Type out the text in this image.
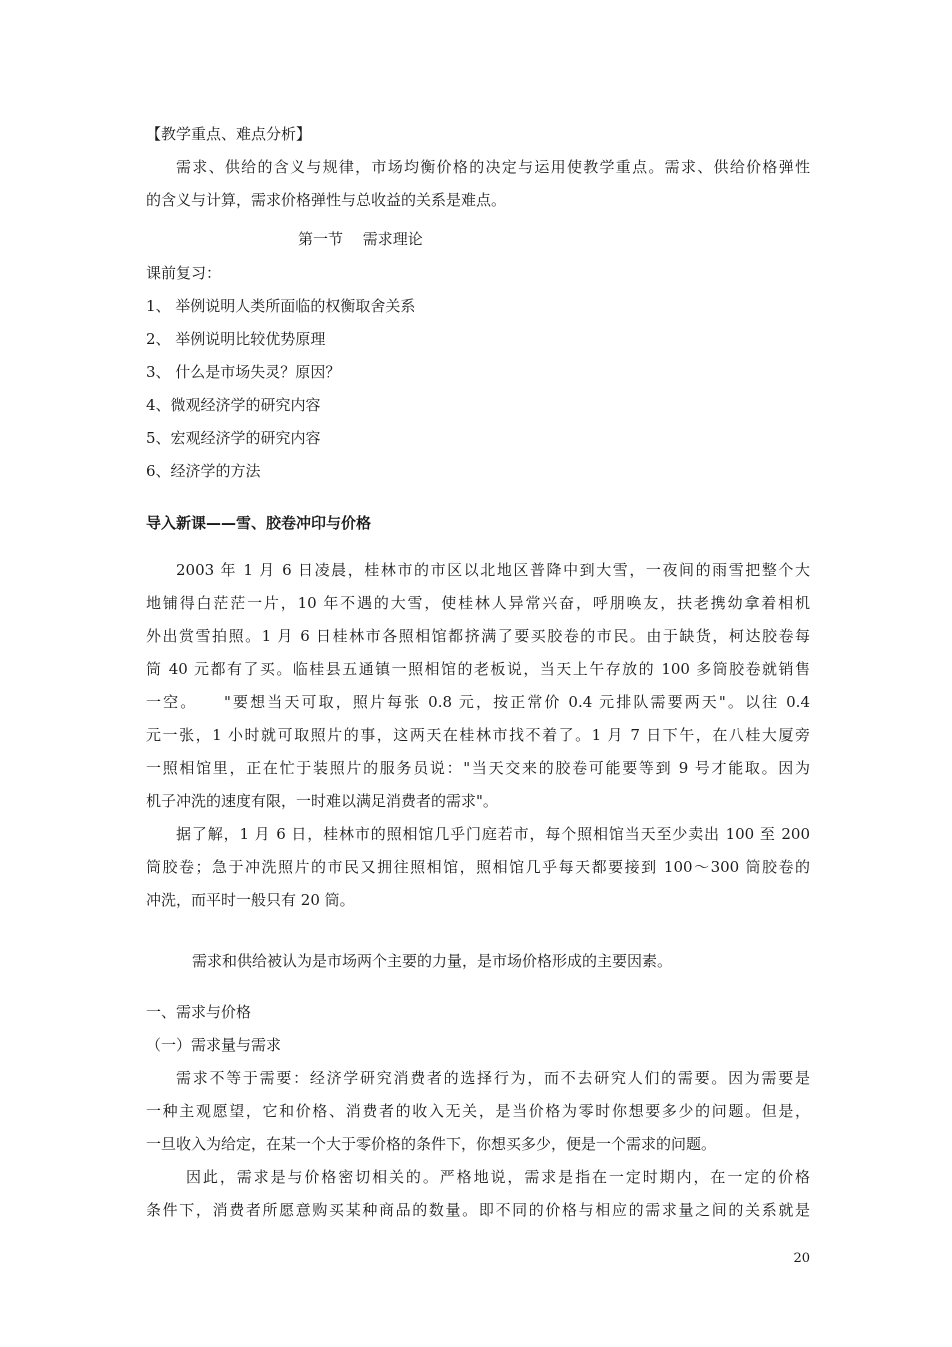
【教学重点、难点分析】
需求、供给的含义与规律，市场均衡价格的决定与运用使教学重点。需求、供给价格弹性
的含义与计算，需求价格弹性与总收益的关系是难点。
第一节　 需求理论
课前复习：
1、 举例说明人类所面临的权衡取舍关系
2、 举例说明比较优势原理
3、 什么是市场失灵？原因？
4、微观经济学的研究内容
5、宏观经济学的研究内容
6、经济学的方法
导入新课——雪、胶卷冲印与价格
2003 年 1 月 6 日凌晨，桂林市的市区以北地区普降中到大雪，一夜间的雨雪把整个大
地铺得白茫茫一片，10 年不遇的大雪，使桂林人异常兴奋，呼朋唤友，扶老携幼拿着相机
外出赏雪拍照。1 月 6 日桂林市各照相馆都挤满了要买胶卷的市民。由于缺货，柯达胶卷每
筒 40 元都有了买。临桂县五通镇一照相馆的老板说，当天上午存放的 100 多筒胶卷就销售
一空。　　"要想当天可取，照片每张 0.8 元，按正常价 0.4 元排队需要两天"。以往 0.4
元一张，1 小时就可取照片的事，这两天在桂林市找不着了。1 月 7 日下午，在八桂大厦旁
一照相馆里，正在忙于装照片的服务员说："当天交来的胶卷可能要等到 9 号才能取。因为
机子冲洗的速度有限，一时难以满足消费者的需求"。
据了解，1 月 6 日，桂林市的照相馆几乎门庭若市，每个照相馆当天至少卖出 100 至 200
筒胶卷；急于冲洗照片的市民又拥往照相馆，照相馆几乎每天都要接到 100～300 筒胶卷的
冲洗，而平时一般只有 20 筒。
需求和供给被认为是市场两个主要的力量，是市场价格形成的主要因素。
一、需求与价格
（一）需求量与需求
需求不等于需要：经济学研究消费者的选择行为，而不去研究人们的需要。因为需要是
一种主观愿望，它和价格、消费者的收入无关，是当价格为零时你想要多少的问题。但是，
一旦收入为给定，在某一个大于零价格的条件下，你想买多少，便是一个需求的问题。
因此，需求是与价格密切相关的。严格地说，需求是指在一定时期内，在一定的价格
条件下，消费者所愿意购买某种商品的数量。即不同的价格与相应的需求量之间的关系就是
20
